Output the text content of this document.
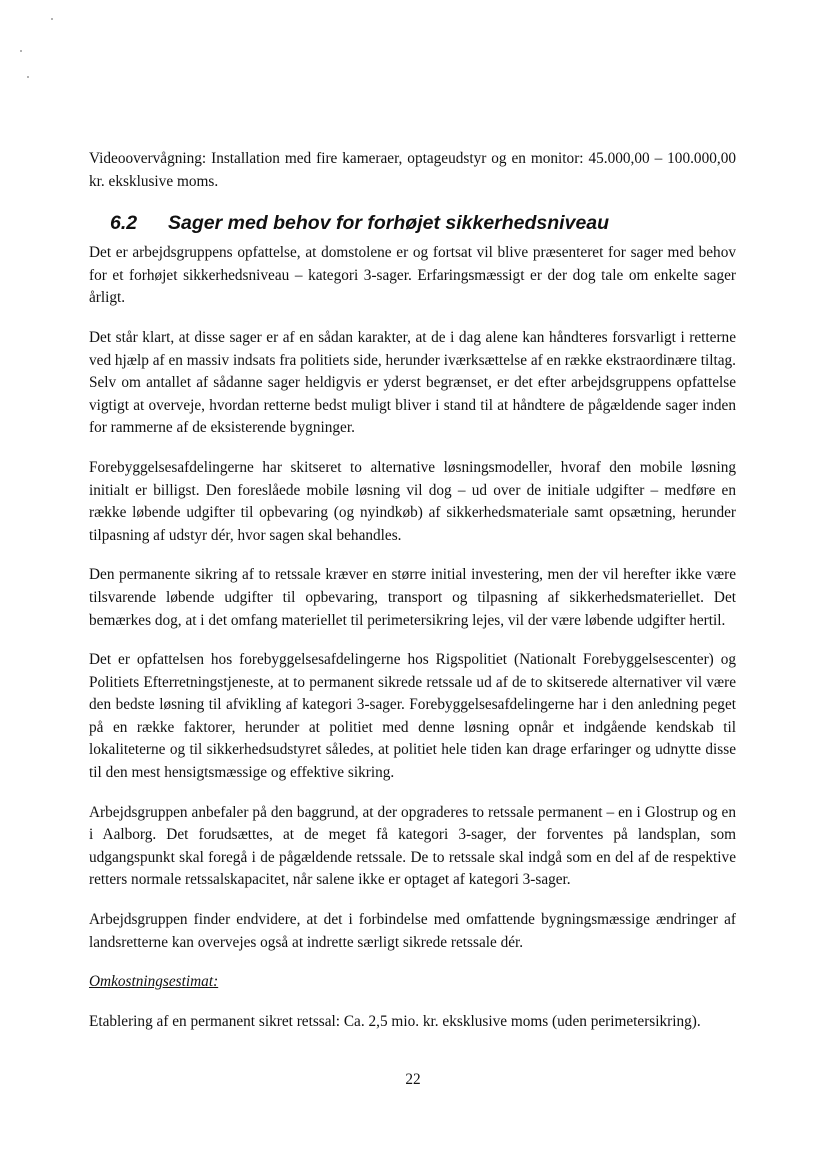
Videoovervågning: Installation med fire kameraer, optageudstyr og en monitor: 45.000,00 – 100.000,00 kr. eksklusive moms.

6.2 Sager med behov for forhøjet sikkerhedsniveau

Det er arbejdsgruppens opfattelse, at domstolene er og fortsat vil blive præsenteret for sager med behov for et forhøjet sikkerhedsniveau – kategori 3-sager. Erfaringsmæssigt er der dog tale om enkelte sager årligt.

Det står klart, at disse sager er af en sådan karakter, at de i dag alene kan håndteres forsvarligt i retterne ved hjælp af en massiv indsats fra politiets side, herunder iværksættelse af en række ekstraordinære tiltag. Selv om antallet af sådanne sager heldigvis er yderst begrænset, er det efter arbejdsgruppens opfattelse vigtigt at overveje, hvordan retterne bedst muligt bliver i stand til at håndtere de pågældende sager inden for rammerne af de eksisterende bygninger.

Forebyggelsesafdelingerne har skitseret to alternative løsningsmodeller, hvoraf den mobile løsning initialt er billigst. Den foreslåede mobile løsning vil dog – ud over de initiale udgifter – medføre en række løbende udgifter til opbevaring (og nyindkøb) af sikkerhedsmateriale samt opsætning, herunder tilpasning af udstyr dér, hvor sagen skal behandles.

Den permanente sikring af to retssale kræver en større initial investering, men der vil herefter ikke være tilsvarende løbende udgifter til opbevaring, transport og tilpasning af sikkerhedsmateriellet. Det bemærkes dog, at i det omfang materiellet til perimetersikring lejes, vil der være løbende udgifter hertil.

Det er opfattelsen hos forebyggelsesafdelingerne hos Rigspolitiet (Nationalt Forebyggelsescenter) og Politiets Efterretningstjeneste, at to permanent sikrede retssale ud af de to skitserede alternativer vil være den bedste løsning til afvikling af kategori 3-sager. Forebyggelsesafdelingerne har i den anledning peget på en række faktorer, herunder at politiet med denne løsning opnår et indgående kendskab til lokaliteterne og til sikkerhedsudstyret således, at politiet hele tiden kan drage erfaringer og udnytte disse til den mest hensigtsmæssige og effektive sikring.

Arbejdsgruppen anbefaler på den baggrund, at der opgraderes to retssale permanent – en i Glostrup og en i Aalborg. Det forudsættes, at de meget få kategori 3-sager, der forventes på landsplan, som udgangspunkt skal foregå i de pågældende retssale. De to retssale skal indgå som en del af de respektive retters normale retssalskapacitet, når salene ikke er optaget af kategori 3-sager.

Arbejdsgruppen finder endvidere, at det i forbindelse med omfattende bygningsmæssige ændringer af landsretterne kan overvejes også at indrette særligt sikrede retssale dér.

Omkostningsestimat:

Etablering af en permanent sikret retssal: Ca. 2,5 mio. kr. eksklusive moms (uden perimetersikring).

22
